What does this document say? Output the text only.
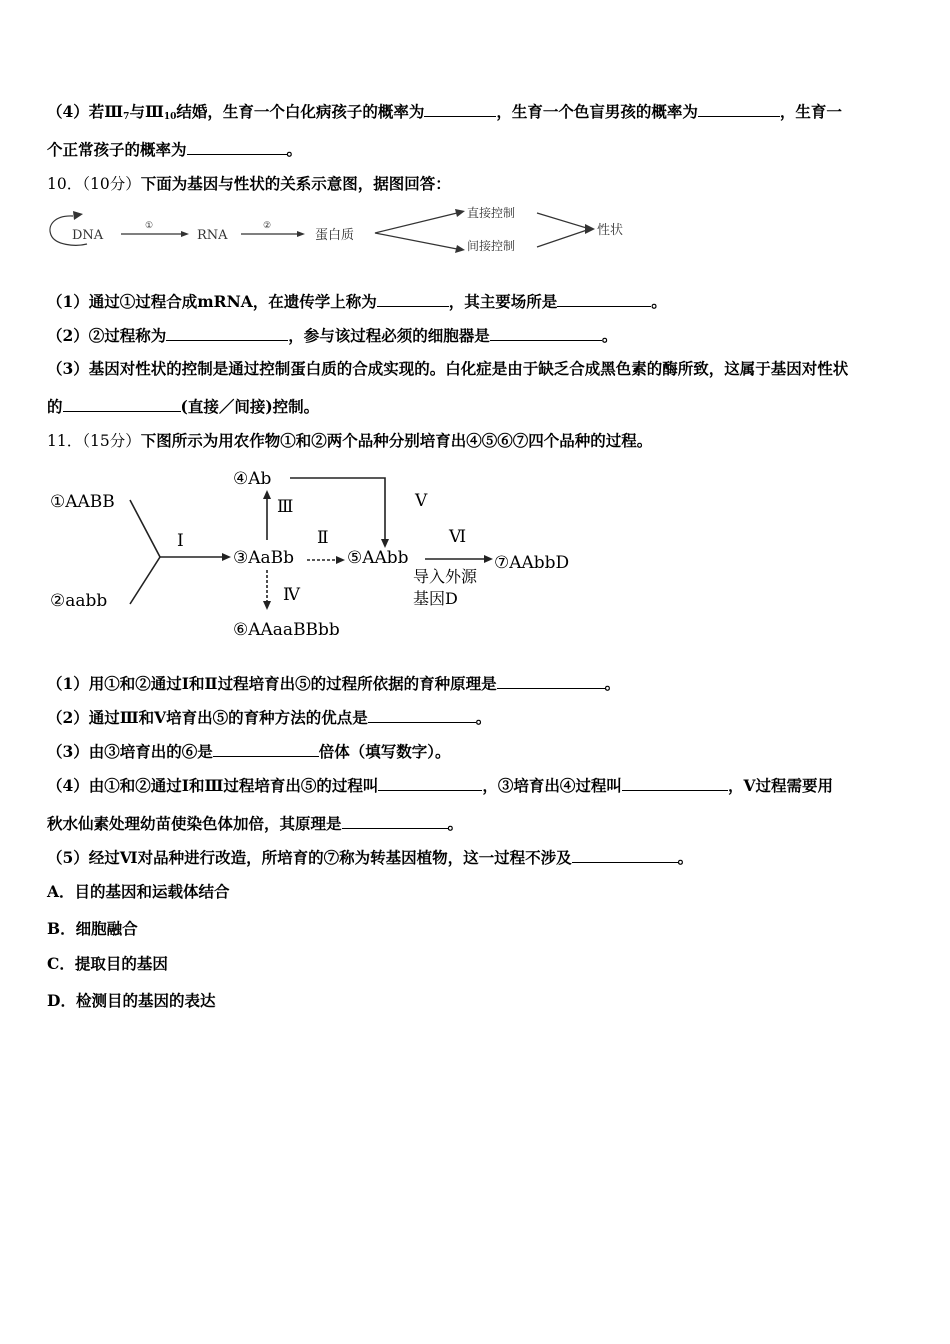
（4）若$Ⅲ_7$与$Ⅲ_{10}$结婚，生育一个白化病孩子的概率为	，生育一个色盲男孩的概率为	，生育一
个正常孩子的概率为	。
10．（10分）下面为基因与性状的关系示意图，据图回答：
DNA
①
RNA
②
蛋白质
直接控制
间接控制
性状
（1）通过①过程合成mRNA，在遗传学上称为	，其主要场所是	。
（2）②过程称为	，参与该过程必须的细胞器是	。
（3）基因对性状的控制是通过控制蛋白质的合成实现的。白化症是由于缺乏合成黑色素的酶所致，这属于基因对性状
的	(直接／间接)控制。
11．（15分）下图所示为用农作物①和②两个品种分别培育出④⑤⑥⑦四个品种的过程。
①AABB
②aabb
Ⅰ
③AaBb
④Ab
Ⅲ	Ⅴ
Ⅱ
⑤AAbb
Ⅵ
⑦AAbbD
导入外源
基因D
Ⅳ
⑥AAaaBBbb
（1）用①和②通过Ⅰ和Ⅱ过程培育出⑤的过程所依据的育种原理是	。
（2）通过Ⅲ和Ⅴ培育出⑤的育种方法的优点是	。
（3）由③培育出的⑥是	倍体（填写数字）。
（4）由①和②通过Ⅰ和Ⅲ过程培育出⑤的过程叫	，③培育出④过程叫	，Ⅴ过程需要用
秋水仙素处理幼苗使染色体加倍，其原理是	。
（5）经过Ⅵ对品种进行改造，所培育的⑦称为转基因植物，这一过程不涉及	。
A．目的基因和运载体结合
B．细胞融合
C．提取目的基因
D．检测目的基因的表达
